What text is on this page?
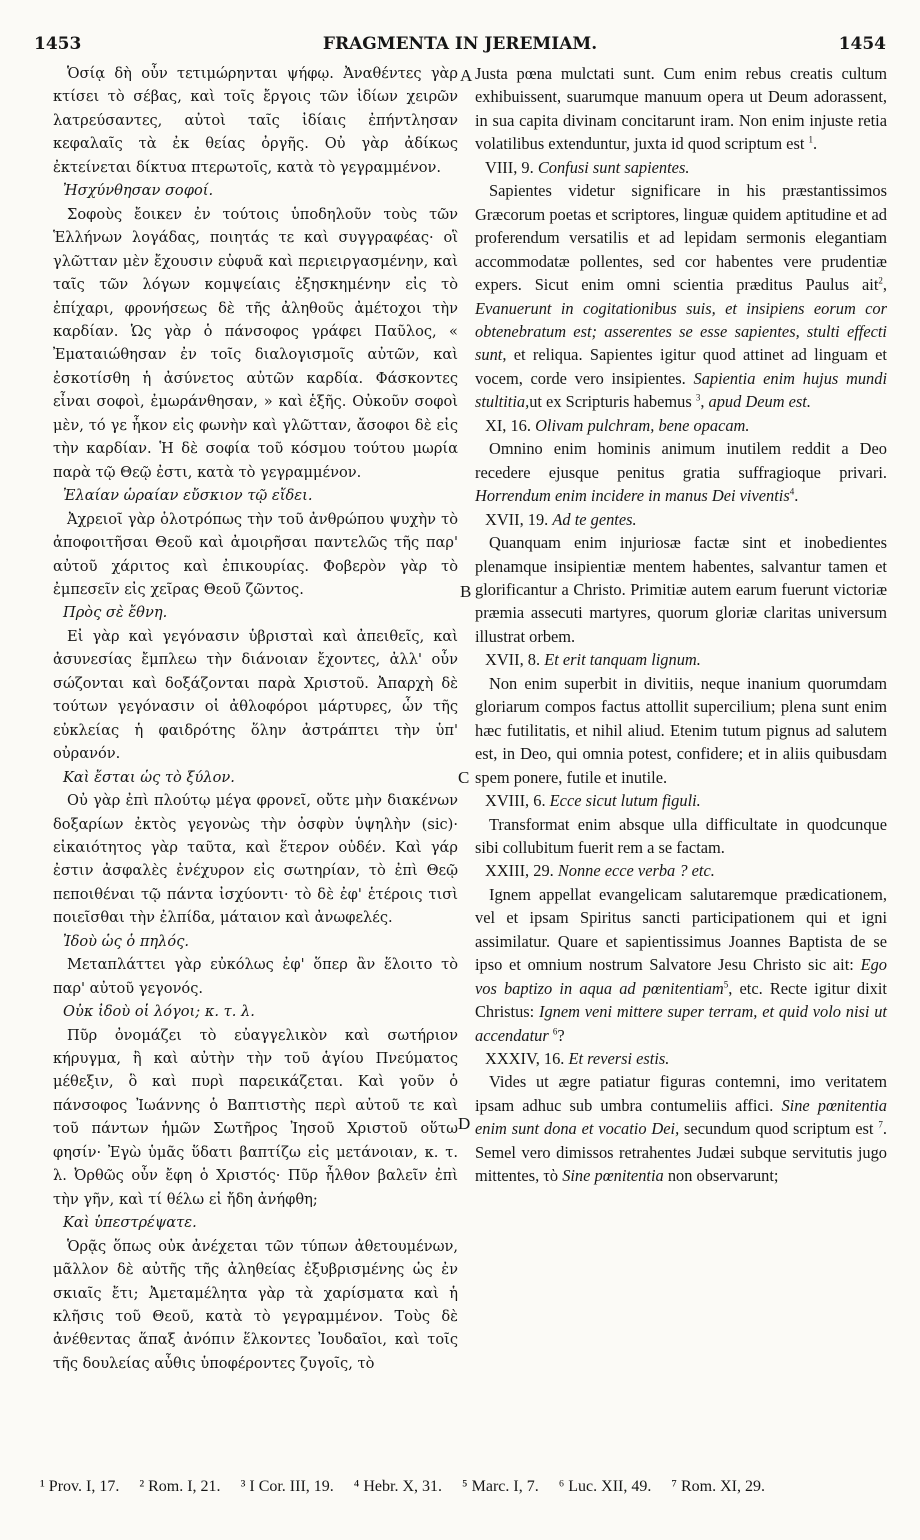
1453	FRAGMENTA IN JEREMIAM.	1454

Ὁσίᾳ δὴ οὖν τετιμώρηνται ψήφῳ. Ἀναθέντες γὰρ κτίσει τὸ σέβας, καὶ τοῖς ἔργοις τῶν ἰδίων χειρῶν λατρεύσαντες, αὐτοὶ ταῖς ἰδίαις ἐπήντλησαν κεφαλαῖς τὰ ἐκ θείας ὀργῆς. Οὐ γὰρ ἀδίκως ἐκτείνεται δίκτυα πτερωτοῖς, κατὰ τὸ γεγραμμένον.

Ἠσχύνθησαν σοφοί.

Σοφοὺς ἔοικεν ἐν τούτοις ὑποδηλοῦν τοὺς τῶν Ἑλλήνων λογάδας, ποιητάς τε καὶ συγγραφέας· οἳ γλῶτταν μὲν ἔχουσιν εὐφυᾶ καὶ περιειργασμένην, καὶ ταῖς τῶν λόγων κομψείαις ἐξησκημένην εἰς τὸ ἐπίχαρι, φρονήσεως δὲ τῆς ἀληθοῦς ἀμέτοχοι τὴν καρδίαν. Ὡς γὰρ ὁ πάνσοφος γράφει Παῦλος, « Ἐματαιώθησαν ἐν τοῖς διαλογισμοῖς αὐτῶν, καὶ ἐσκοτίσθη ἡ ἀσύνετος αὐτῶν καρδία. Φάσκοντες εἶναι σοφοὶ, ἐμωράνθησαν, » καὶ ἑξῆς. Οὐκοῦν σοφοὶ μὲν, τό γε ἧκον εἰς φωνὴν καὶ γλῶτταν, ἄσοφοι δὲ εἰς τὴν καρδίαν. Ἡ δὲ σοφία τοῦ κόσμου τούτου μωρία παρὰ τῷ Θεῷ ἐστι, κατὰ τὸ γεγραμμένον.

Ἐλαίαν ὡραίαν εὔσκιον τῷ εἴδει.

Ἀχρειοῖ γὰρ ὁλοτρόπως τὴν τοῦ ἀνθρώπου ψυχὴν τὸ ἀποφοιτῆσαι Θεοῦ καὶ ἀμοιρῆσαι παντελῶς τῆς παρ' αὐτοῦ χάριτος καὶ ἐπικουρίας. Φοβερὸν γὰρ τὸ ἐμπεσεῖν εἰς χεῖρας Θεοῦ ζῶντος.

Πρὸς σὲ ἔθνη.

Εἰ γὰρ καὶ γεγόνασιν ὑβρισταὶ καὶ ἀπειθεῖς, καὶ ἀσυνεσίας ἔμπλεω τὴν διάνοιαν ἔχοντες, ἀλλ' οὖν σώζονται καὶ δοξάζονται παρὰ Χριστοῦ. Ἀπαρχὴ δὲ τούτων γεγόνασιν οἱ ἀθλοφόροι μάρτυρες, ὧν τῆς εὐκλείας ἡ φαιδρότης ὅλην ἀστράπτει τὴν ὑπ' οὐρανόν.

Καὶ ἔσται ὡς τὸ ξύλον.

Οὐ γὰρ ἐπὶ πλούτῳ μέγα φρονεῖ, οὔτε μὴν διακένων δοξαρίων ἐκτὸς γεγονὼς τὴν ὀσφὺν ὑψηλὴν (sic)· εἰκαιότητος γὰρ ταῦτα, καὶ ἕτερον οὐδέν. Καὶ γάρ ἐστιν ἀσφαλὲς ἐνέχυρον εἰς σωτηρίαν, τὸ ἐπὶ Θεῷ πεποιθέναι τῷ πάντα ἰσχύοντι· τὸ δὲ ἐφ' ἑτέροις τισὶ ποιεῖσθαι τὴν ἐλπίδα, μάταιον καὶ ἀνωφελές.

Ἰδοὺ ὡς ὁ πηλός.

Μεταπλάττει γὰρ εὐκόλως ἐφ' ὅπερ ἂν ἕλοιτο τὸ παρ' αὐτοῦ γεγονός.

Οὐκ ἰδοὺ οἱ λόγοι; κ. τ. λ.

Πῦρ ὀνομάζει τὸ εὐαγγελικὸν καὶ σωτήριον κήρυγμα, ἢ καὶ αὐτὴν τὴν τοῦ ἁγίου Πνεύματος μέθεξιν, ὃ καὶ πυρὶ παρεικάζεται. Καὶ γοῦν ὁ πάνσοφος Ἰωάννης ὁ Βαπτιστὴς περὶ αὐτοῦ τε καὶ τοῦ πάντων ἡμῶν Σωτῆρος Ἰησοῦ Χριστοῦ οὕτω φησίν· Ἐγὼ ὑμᾶς ὕδατι βαπτίζω εἰς μετάνοιαν, κ. τ. λ. Ὀρθῶς οὖν ἔφη ὁ Χριστός· Πῦρ ἦλθον βαλεῖν ἐπὶ τὴν γῆν, καὶ τί θέλω εἰ ἤδη ἀνήφθη;

Καὶ ὑπεστρέψατε.

Ὁρᾷς ὅπως οὐκ ἀνέχεται τῶν τύπων ἀθετουμένων, μᾶλλον δὲ αὐτῆς τῆς ἀληθείας ἐξυβρισμένης ὡς ἐν σκιαῖς ἔτι; Ἀμεταμέλητα γὰρ τὰ χαρίσματα καὶ ἡ κλῆσις τοῦ Θεοῦ, κατὰ τὸ γεγραμμένον. Τοὺς δὲ ἀνέθεντας ἅπαξ ἀνόπιν ἕλκοντες Ἰουδαῖοι, καὶ τοῖς τῆς δουλείας αὖθις ὑποφέροντες ζυγοῖς, τὸ

A
B
C
D

Justa pœna mulctati sunt. Cum enim rebus creatis cultum exhibuissent, suarumque manuum opera ut Deum adorassent, in sua capita divinam concitarunt iram. Non enim injuste retia volatilibus extenduntur, juxta id quod scriptum est $^1$.

VIII, 9. Confusi sunt sapientes.

Sapientes videtur significare in his præstantissimos Græcorum poetas et scriptores, linguæ quidem aptitudine et ad proferendum versatilis et ad lepidam sermonis elegantiam accommodatæ pollentes, sed cor habentes vere prudentiæ expers. Sicut enim omni scientia præditus Paulus ait$^2$, Evanuerunt in cogitationibus suis, et insipiens eorum cor obtenebratum est; asserentes se esse sapientes, stulti effecti sunt, et reliqua. Sapientes igitur quod attinet ad linguam et vocem, corde vero insipientes. Sapientia enim hujus mundi stultitia,ut ex Scripturis habemus $^3$, apud Deum est.

XI, 16. Olivam pulchram, bene opacam.

Omnino enim hominis animum inutilem reddit a Deo recedere ejusque penitus gratia suffragioque privari. Horrendum enim incidere in manus Dei viventis$^4$.

XVII, 19. Ad te gentes.

Quanquam enim injuriosæ factæ sint et inobedientes plenamque insipientiæ mentem habentes, salvantur tamen et glorificantur a Christo. Primitiæ autem earum fuerunt victoriæ præmia assecuti martyres, quorum gloriæ claritas universum illustrat orbem.

XVII, 8. Et erit tanquam lignum.

Non enim superbit in divitiis, neque inanium quorumdam gloriarum compos factus attollit supercilium; plena sunt enim hæc futilitatis, et nihil aliud. Etenim tutum pignus ad salutem est, in Deo, qui omnia potest, confidere; et in aliis quibusdam spem ponere, futile et inutile.

XVIII, 6. Ecce sicut lutum figuli.

Transformat enim absque ulla difficultate in quodcunque sibi collubitum fuerit rem a se factam.

XXIII, 29. Nonne ecce verba ? etc.

Ignem appellat evangelicam salutaremque prædicationem, vel et ipsam Spiritus sancti participationem qui et igni assimilatur. Quare et sapientissimus Joannes Baptista de se ipso et omnium nostrum Salvatore Jesu Christo sic ait: Ego vos baptizo in aqua ad pœnitentiam$^5$, etc. Recte igitur dixit Christus: Ignem veni mittere super terram, et quid volo nisi ut accendatur $^6$?

XXXIV, 16. Et reversi estis.

Vides ut ægre patiatur figuras contemni, imo veritatem ipsam adhuc sub umbra contumeliis affici. Sine pœnitentia enim sunt dona et vocatio Dei, secundum quod scriptum est $^7$. Semel vero dimissos retrahentes Judæi subque servitutis jugo mittentes, τὸ Sine pœnitentia non observarunt;

¹ Prov. I, 17. ² Rom. I, 21. ³ I Cor. III, 19. ⁴ Hebr. X, 31. ⁵ Marc. I, 7. ⁶ Luc. XII, 49. ⁷ Rom. XI, 29.
